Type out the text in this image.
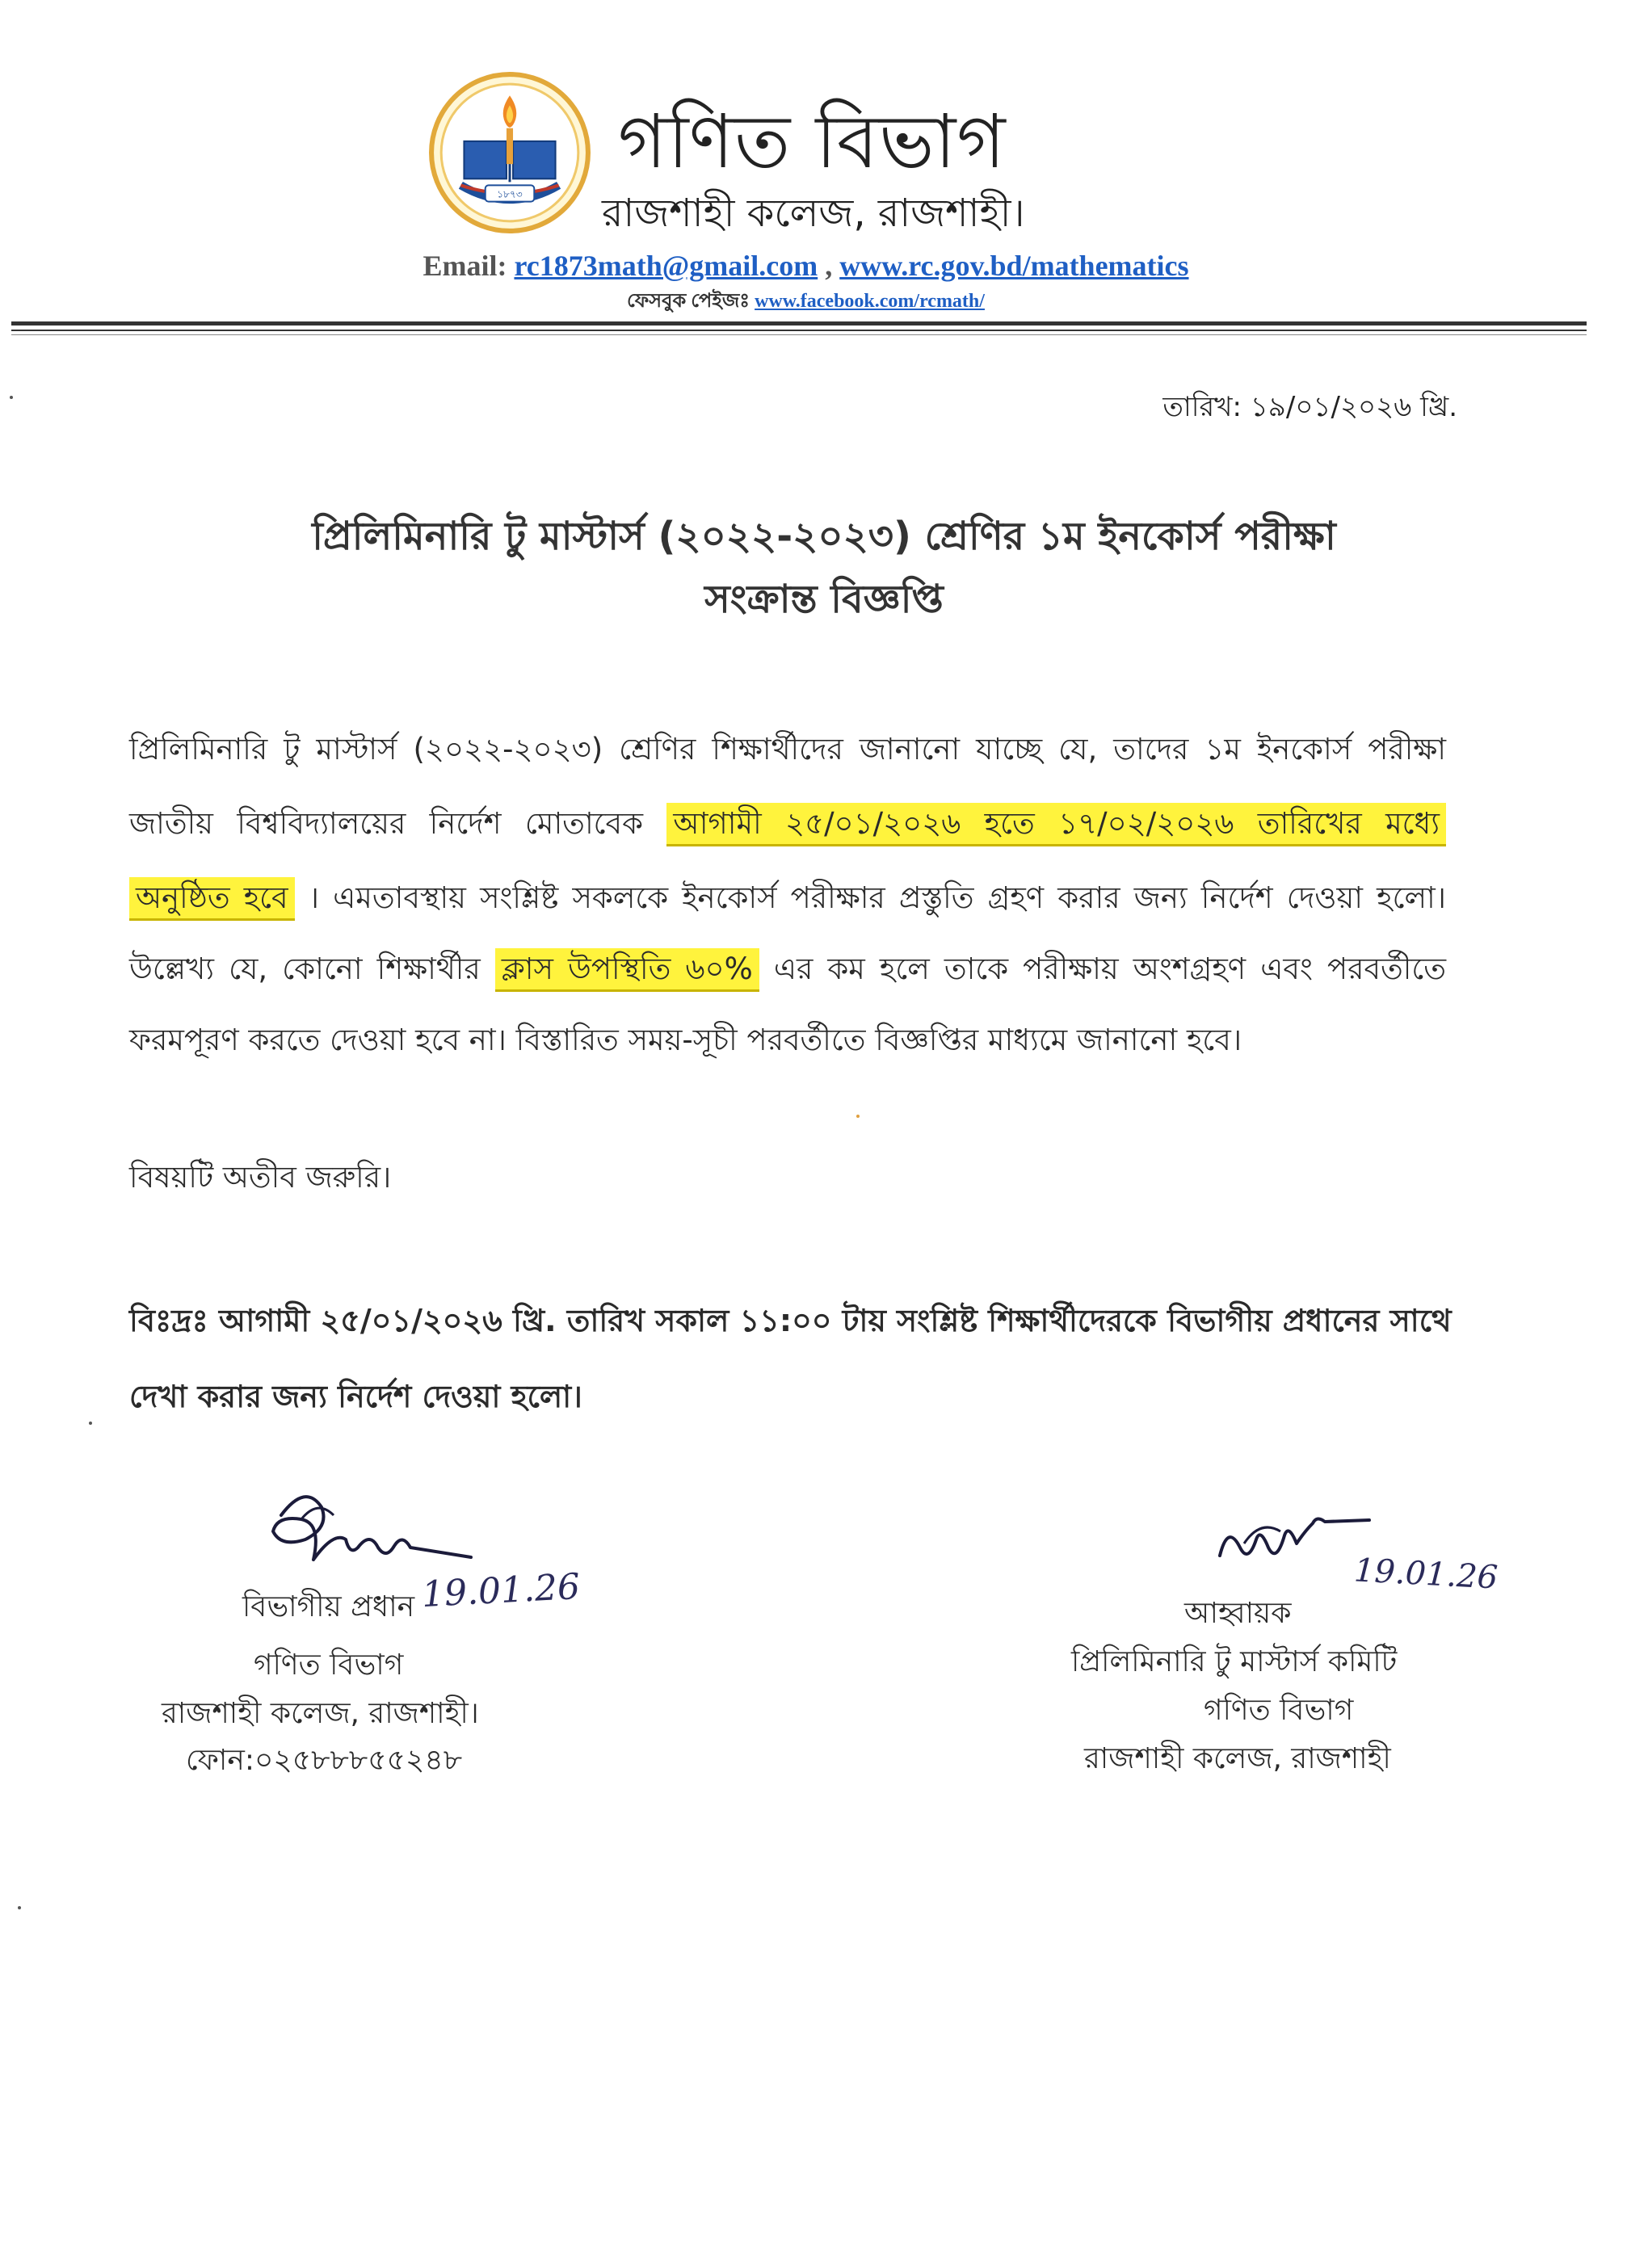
১৮৭৩
গণিত বিভাগ
রাজশাহী কলেজ, রাজশাহী।
Email: rc1873math@gmail.com , www.rc.gov.bd/mathematics
ফেসবুক পেইজঃ www.facebook.com/rcmath/
তারিখ: ১৯/০১/২০২৬ খ্রি.
প্রিলিমিনারি টু মাস্টার্স (২০২২-২০২৩) শ্রেণির ১ম ইনকোর্স পরীক্ষা
সংক্রান্ত বিজ্ঞপ্তি
প্রিলিমিনারি টু মাস্টার্স (২০২২-২০২৩) শ্রেণির শিক্ষার্থীদের জানানো যাচ্ছে যে, তাদের ১ম ইনকোর্স পরীক্ষা
জাতীয় বিশ্ববিদ্যালয়ের নির্দেশ মোতাবেক আগামী ২৫/০১/২০২৬ হতে ১৭/০২/২০২৬ তারিখের মধ্যে
অনুষ্ঠিত হবে । এমতাবস্থায় সংশ্লিষ্ট সকলকে ইনকোর্স পরীক্ষার প্রস্তুতি গ্রহণ করার জন্য নির্দেশ দেওয়া হলো।
উল্লেখ্য যে, কোনো শিক্ষার্থীর ক্লাস উপস্থিতি ৬০% এর কম হলে তাকে পরীক্ষায় অংশগ্রহণ এবং পরবর্তীতে
ফরমপূরণ করতে দেওয়া হবে না। বিস্তারিত সময়-সূচী পরবর্তীতে বিজ্ঞপ্তির মাধ্যমে জানানো হবে।
বিষয়টি অতীব জরুরি।
বিঃদ্রঃ আগামী ২৫/০১/২০২৬ খ্রি. তারিখ সকাল ১১:০০ টায় সংশ্লিষ্ট শিক্ষার্থীদেরকে বিভাগীয় প্রধানের সাথে
দেখা করার জন্য নির্দেশ দেওয়া হলো।
19.01.26
বিভাগীয় প্রধান
গণিত বিভাগ
রাজশাহী কলেজ, রাজশাহী।
ফোন:০২৫৮৮৮৫৫২৪৮
19.01.26
আহ্বায়ক
প্রিলিমিনারি টু মাস্টার্স কমিটি
গণিত বিভাগ
রাজশাহী কলেজ, রাজশাহী
